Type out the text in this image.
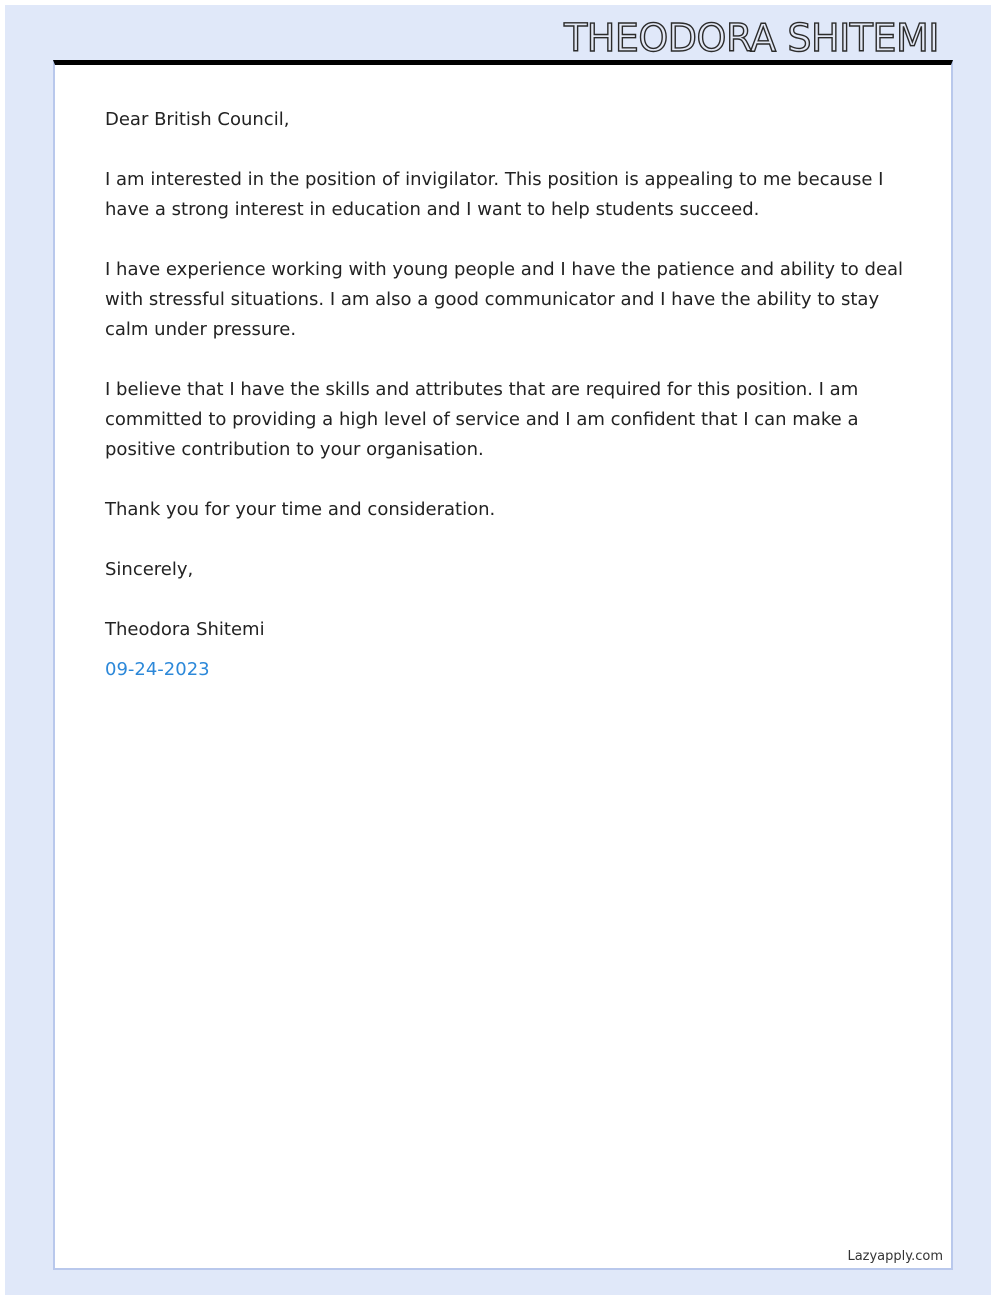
THEODORA SHITEMI

Dear British Council,

I am interested in the position of invigilator. This position is appealing to me because I have a strong interest in education and I want to help students succeed.

I have experience working with young people and I have the patience and ability to deal with stressful situations. I am also a good communicator and I have the ability to stay calm under pressure.

I believe that I have the skills and attributes that are required for this position. I am committed to providing a high level of service and I am confident that I can make a positive contribution to your organisation.

Thank you for your time and consideration.

Sincerely,

Theodora Shitemi

09-24-2023

Lazyapply.com
